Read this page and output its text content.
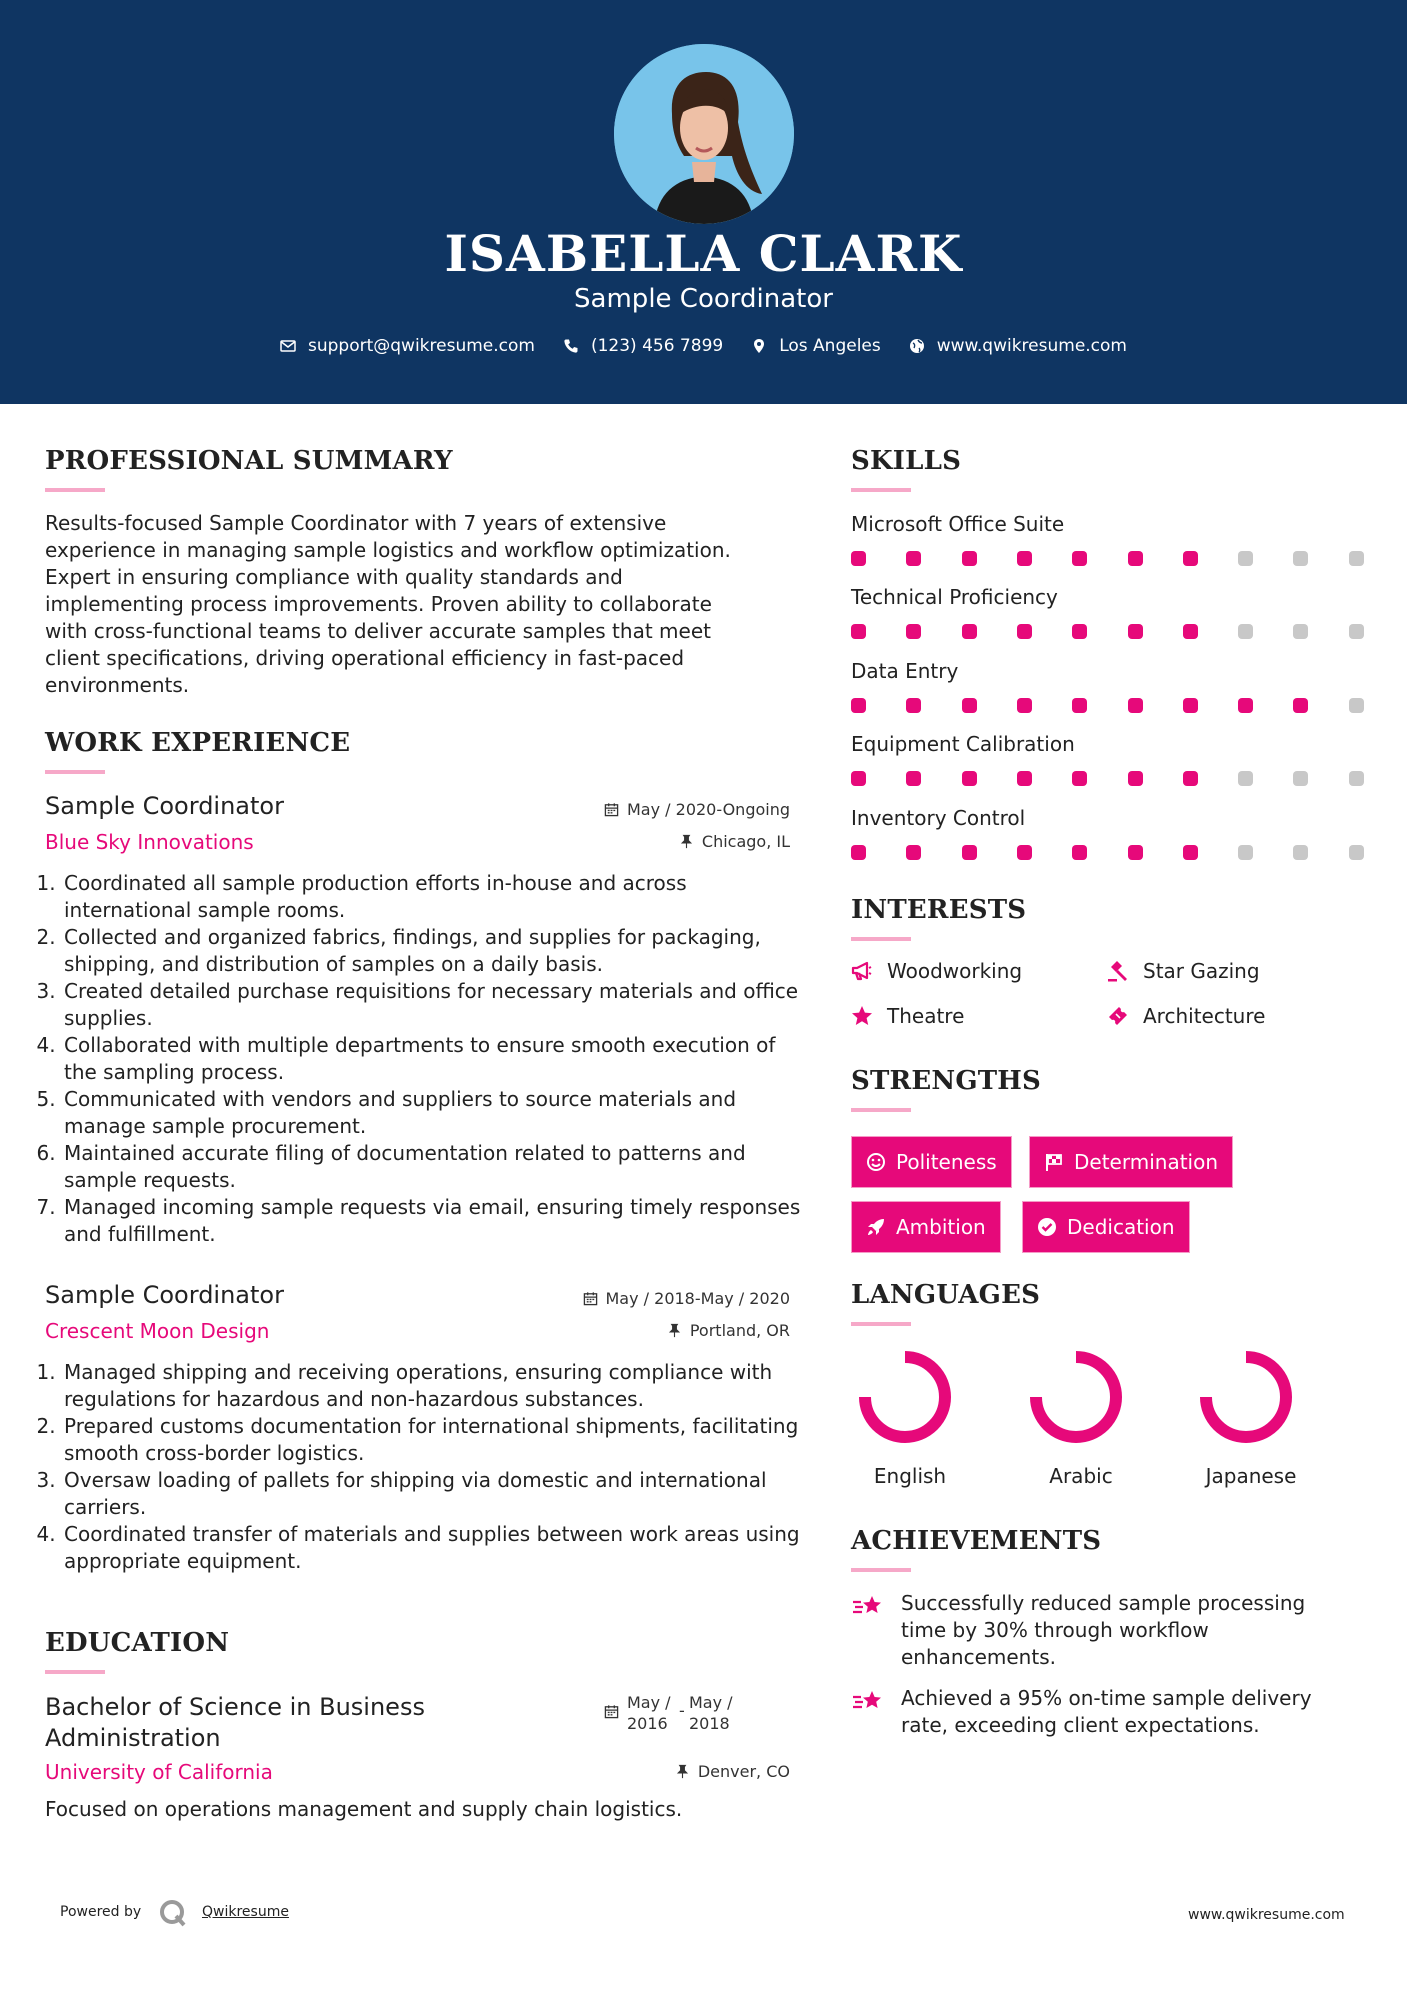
ISABELLA CLARK
Sample Coordinator
support@qwikresume.com	(123) 456 7899	Los Angeles	www.qwikresume.com
PROFESSIONAL SUMMARY
Results-focused Sample Coordinator with 7 years of extensive
experience in managing sample logistics and workflow optimization.
Expert in ensuring compliance with quality standards and
implementing process improvements. Proven ability to collaborate
with cross-functional teams to deliver accurate samples that meet
client specifications, driving operational efficiency in fast-paced
environments.
WORK EXPERIENCE
Sample Coordinator	May / 2020-Ongoing
Blue Sky Innovations	Chicago, IL
1. Coordinated all sample production efforts in-house and across international sample rooms.
2. Collected and organized fabrics, findings, and supplies for packaging, shipping, and distribution of samples on a daily basis.
3. Created detailed purchase requisitions for necessary materials and office supplies.
4. Collaborated with multiple departments to ensure smooth execution of the sampling process.
5. Communicated with vendors and suppliers to source materials and manage sample procurement.
6. Maintained accurate filing of documentation related to patterns and sample requests.
7. Managed incoming sample requests via email, ensuring timely responses and fulfillment.
Sample Coordinator	May / 2018-May / 2020
Crescent Moon Design	Portland, OR
1. Managed shipping and receiving operations, ensuring compliance with regulations for hazardous and non-hazardous substances.
2. Prepared customs documentation for international shipments, facilitating smooth cross-border logistics.
3. Oversaw loading of pallets for shipping via domestic and international carriers.
4. Coordinated transfer of materials and supplies between work areas using appropriate equipment.
EDUCATION
Bachelor of Science in Business
Administration
May /
2016
- May /
2018
University of California	Denver, CO
Focused on operations management and supply chain logistics.
SKILLS
Microsoft Office Suite
Technical Proficiency
Data Entry
Equipment Calibration
Inventory Control
INTERESTS
Woodworking	Star Gazing
Theatre	Architecture
STRENGTHS
Politeness	Determination
Ambition	Dedication
LANGUAGES
English	Arabic	Japanese
ACHIEVEMENTS
Successfully reduced sample processing
time by 30% through workflow
enhancements.
Achieved a 95% on-time sample delivery
rate, exceeding client expectations.
Powered by	Qwikresume	www.qwikresume.com
